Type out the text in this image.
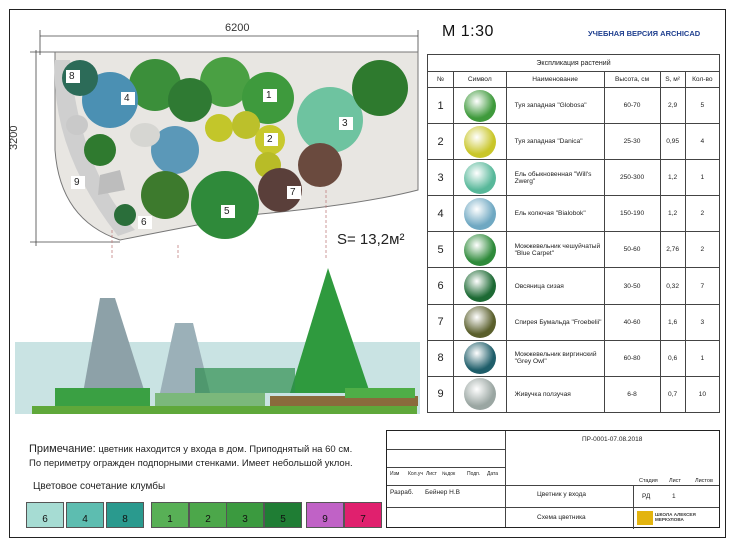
6200
3200
М 1:30	УЧЕБНАЯ ВЕРСИЯ ARCHICAD
S= 13,2м²
8
4	1
2
3
5
6
7
9
Экспликация растений					
№	Символ	Наименование	Высота, см	S, м²	Кол-во
1		Туя западная "Globosa"	60-70	2,9	5
2		Туя западная "Danica"	25-30	0,95	4
3		Ель обыкновенная "Will's Zwerg"	250-300	1,2	1
4		Ель колючая "Bialobok"	150-190	1,2	2
5		Можжевельник чешуйчатый "Blue Carpet"	50-60	2,76	2
6		Овсяница сизая	30-50	0,32	7
7		Спирея Бумальда "Froebelii"	40-60	1,6	3
8		Можжевельник виргинский "Grey Owl"	60-80	0,6	1
9		Живучка ползучая	6-8	0,7	10
Примечание: цветник находится у входа в дом. Приподнятый на 60 см.
По периметру огражден подпорными стенками. Имеет небольшой уклон.
Цветовое сочетание клумбы
6	4	8	1	2	3	5	9	7
ПР-0001-07.08.2018
Изм Кол.уч Лист №док Подп. Дата
Разраб. Бейнер Н.В	Цветник у входа
Стадия Лист	Листов
РД	1
Схема цветника	ШКОЛА АЛЕКСЕЯ МЕРКУЛОВА
